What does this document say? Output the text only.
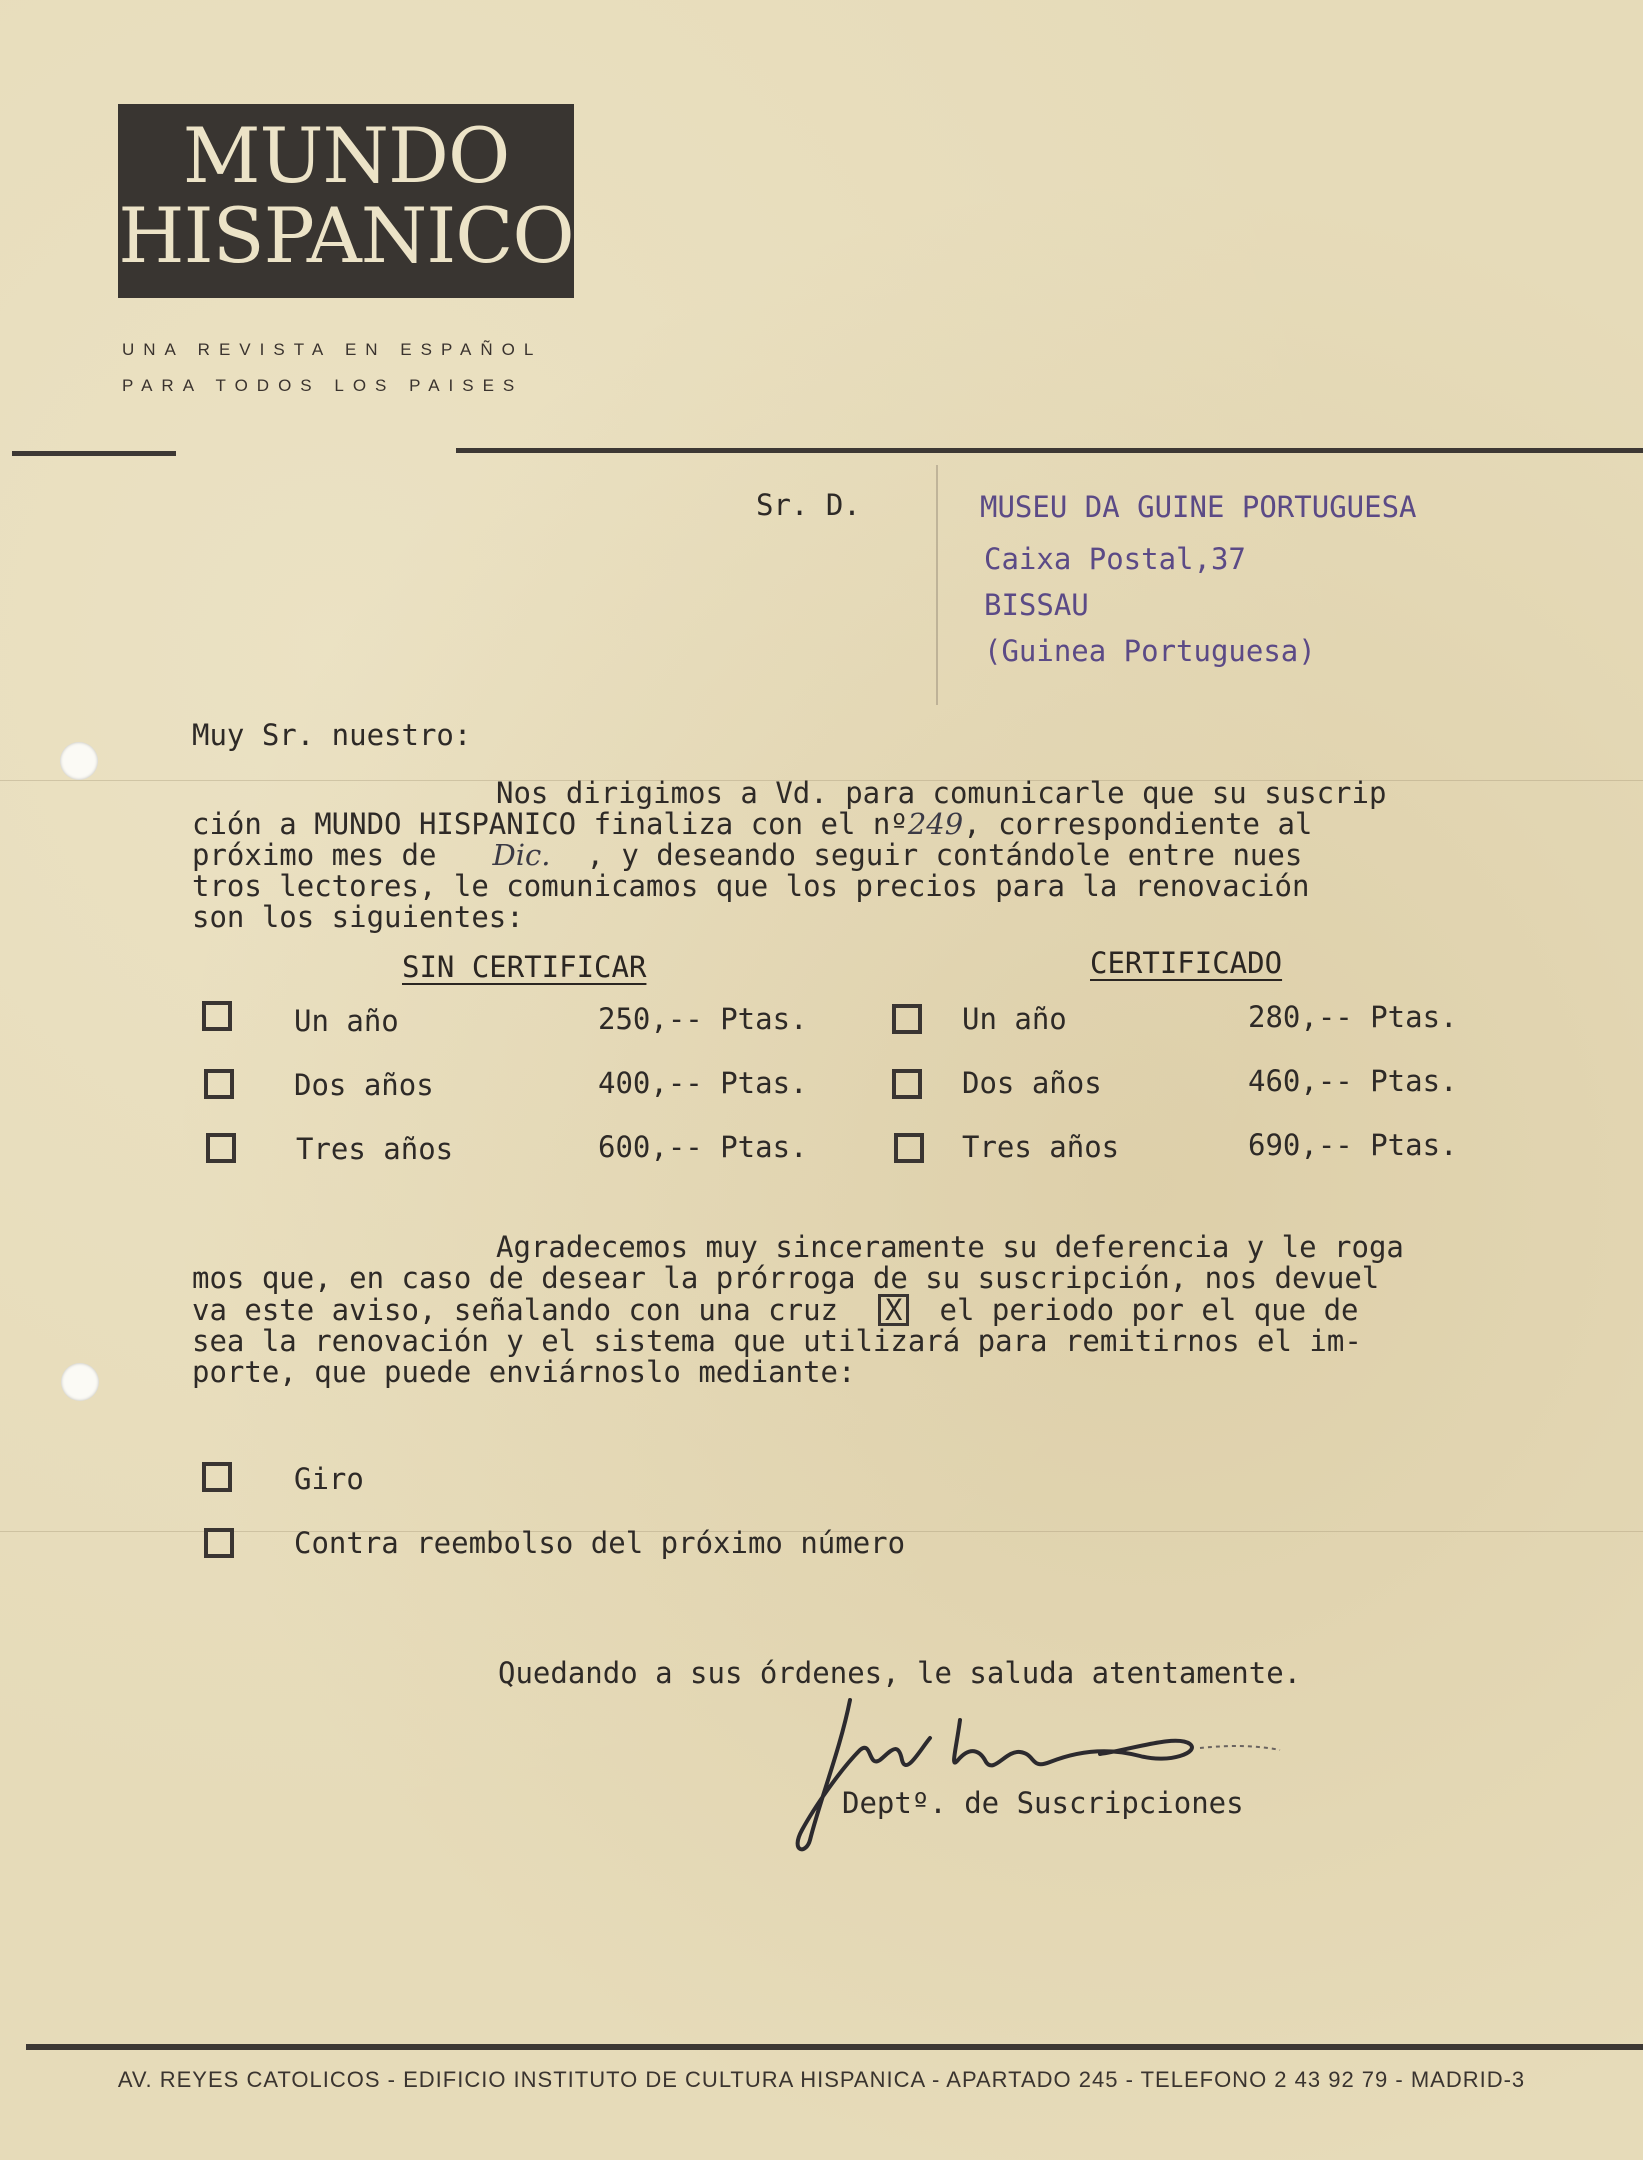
MUNDO
HISPANICO
UNA REVISTA EN ESPAÑOL
PARA TODOS LOS PAISES
Sr. D.	MUSEU DA GUINE PORTUGUESA
Caixa Postal,37
BISSAU
(Guinea Portuguesa)
Muy Sr. nuestro:

Nos dirigimos a Vd. para comunicarle que su suscrip

ción a MUNDO HISPANICO finaliza con el nº249, correspondiente al

próximo mes de Dic. , y deseando seguir contándole entre nues

tros lectores, le comunicamos que los precios para la renovación

son los siguientes:

SIN CERTIFICAR	CERTIFICADO
Un año	250,-- Ptas.	Un año	280,-- Ptas.
Dos años	400,-- Ptas.	Dos años	460,-- Ptas.
Tres años	600,-- Ptas.	Tres años	690,-- Ptas.

Agradecemos muy sinceramente su deferencia y le roga

mos que, en caso de desear la prórroga de su suscripción, nos devuel

va este aviso, señalando con una cruz X el periodo por el que de

sea la renovación y el sistema que utilizará para remitirnos el im-

porte, que puede enviárnoslo mediante:

Giro
Contra reembolso del próximo número
Quedando a sus órdenes, le saluda atentamente.
Deptº. de Suscripciones
AV. REYES CATOLICOS - EDIFICIO INSTITUTO DE CULTURA HISPANICA - APARTADO 245 - TELEFONO 2 43 92 79 - MADRID-3
